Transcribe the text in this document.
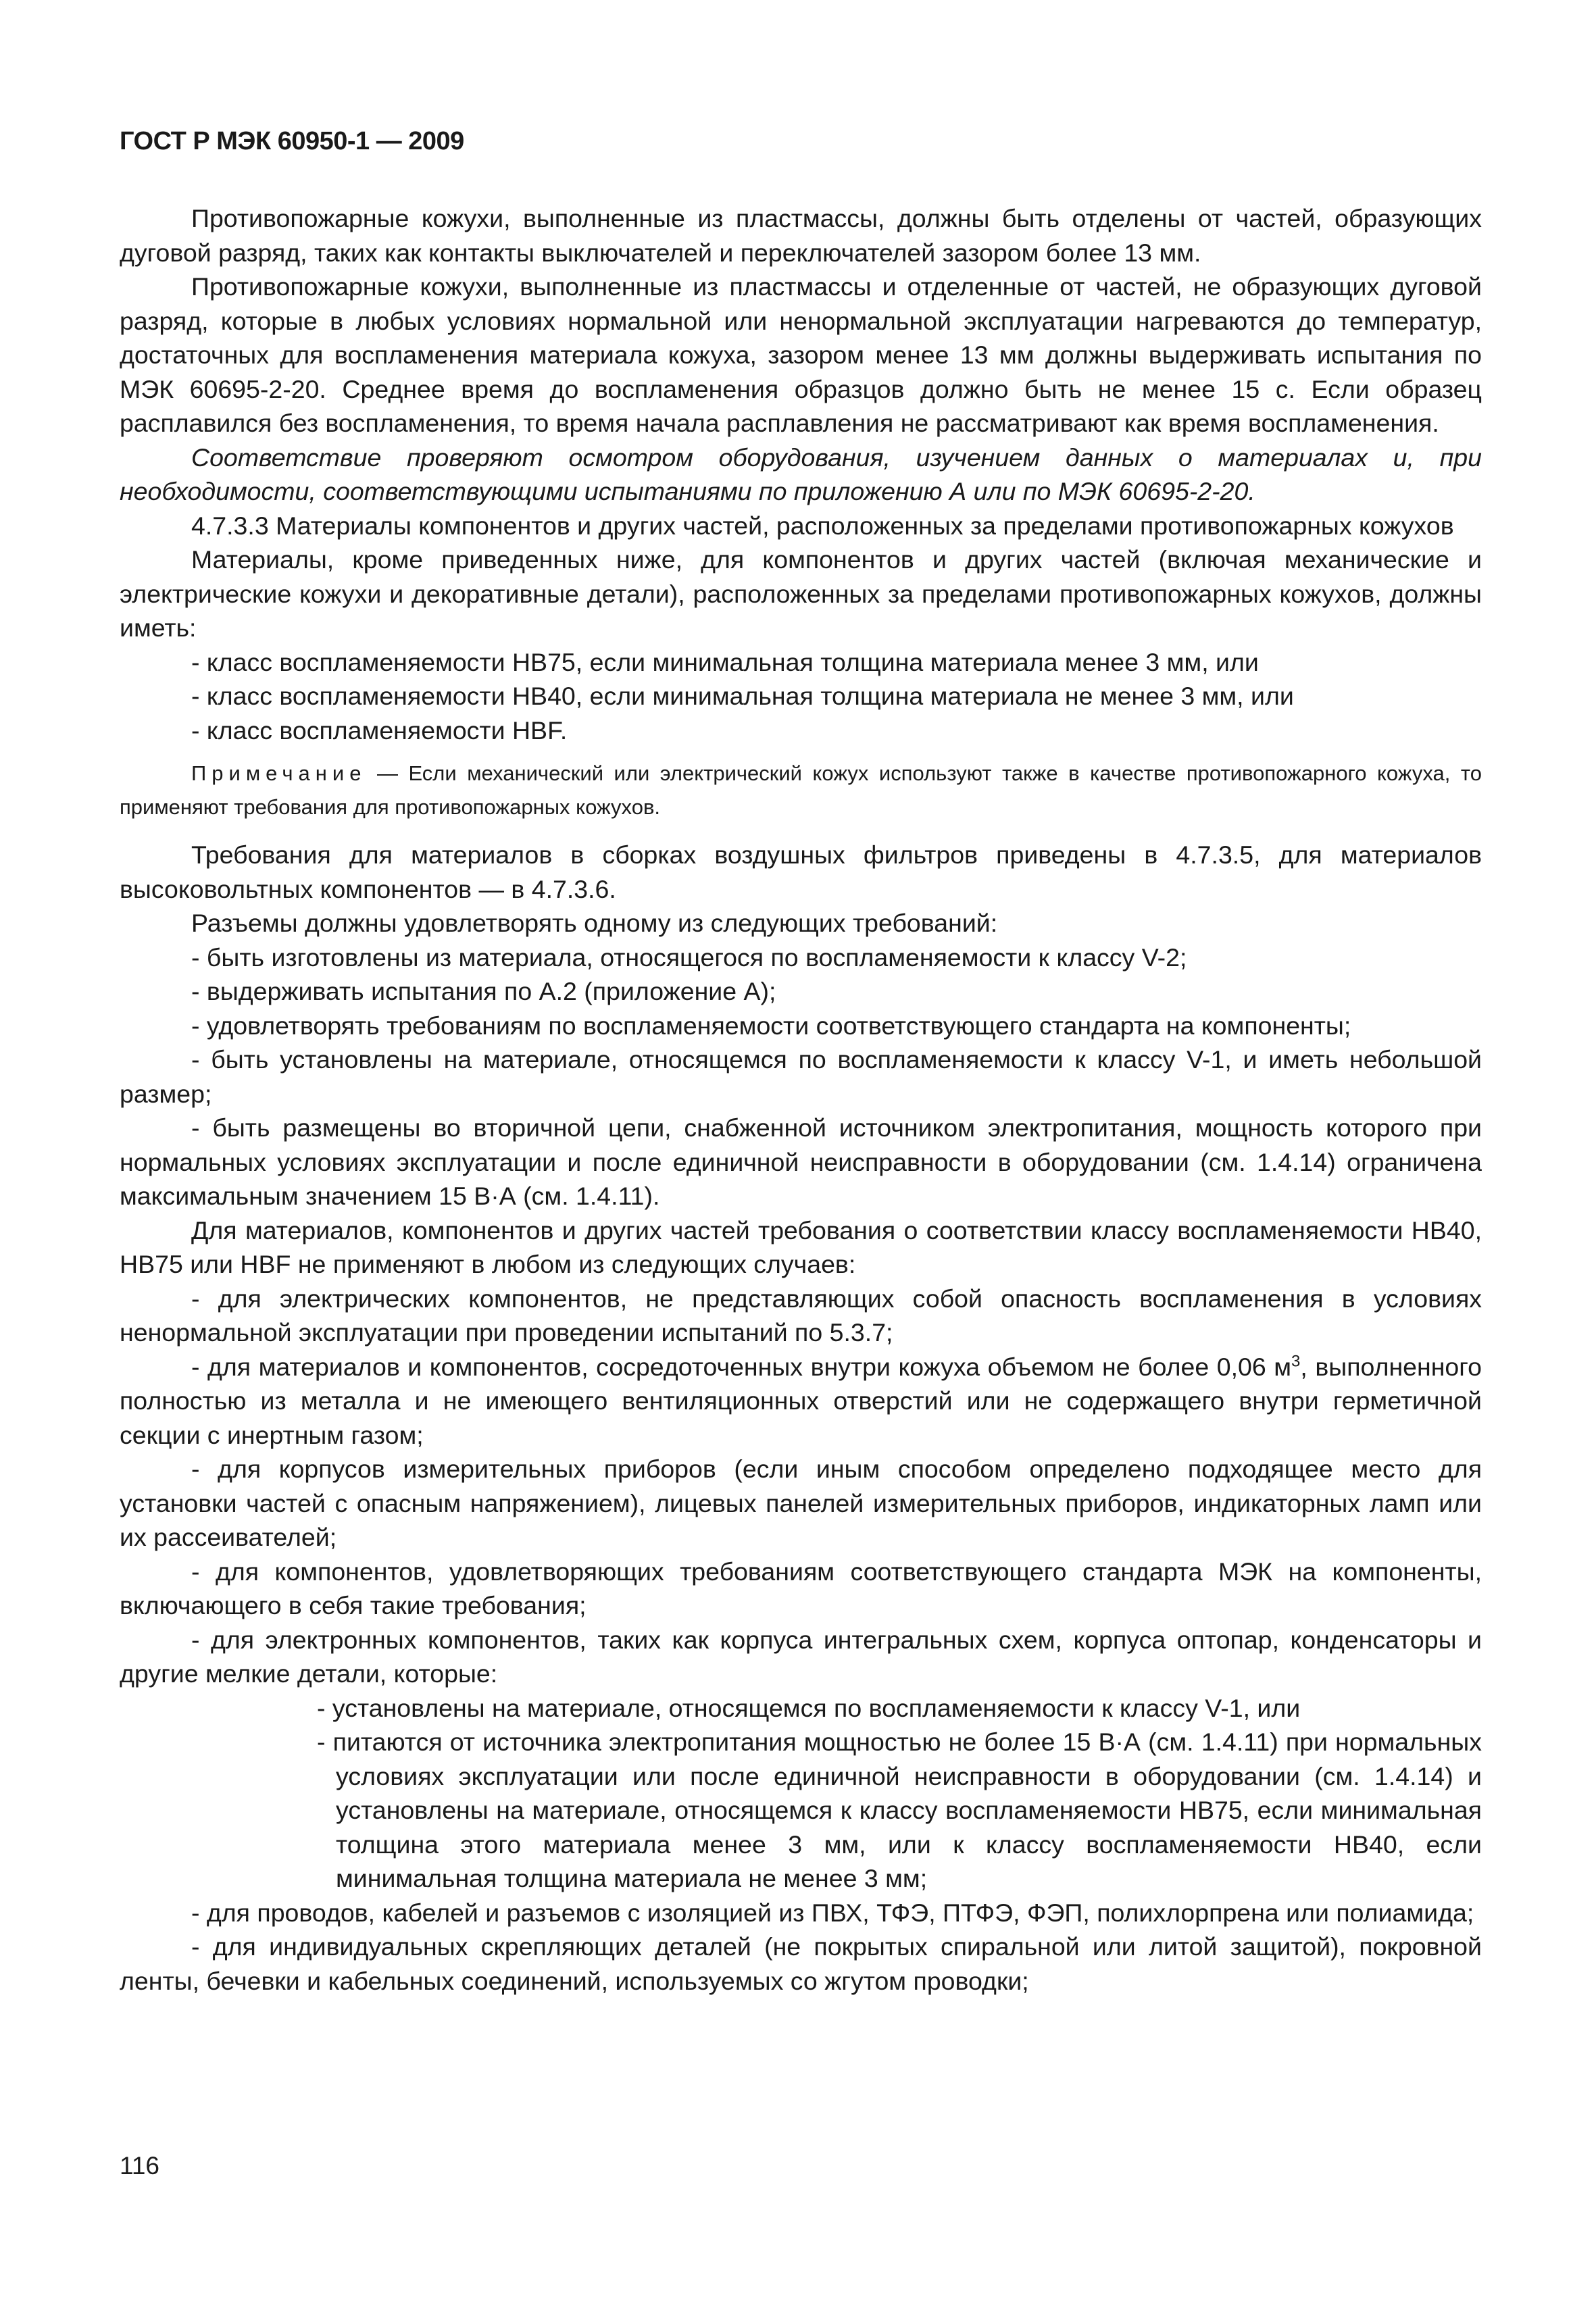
ГОСТ Р МЭК 60950-1 — 2009

Противопожарные кожухи, выполненные из пластмассы, должны быть отделены от частей, образующих дуговой разряд, таких как контакты выключателей и переключателей зазором более 13 мм.

Противопожарные кожухи, выполненные из пластмассы и отделенные от частей, не образующих дуговой разряд, которые в любых условиях нормальной или ненормальной эксплуатации нагреваются до температур, достаточных для воспламенения материала кожуха, зазором менее 13 мм должны выдерживать испытания по МЭК 60695-2-20. Среднее время до воспламенения образцов должно быть не менее 15 с. Если образец расплавился без воспламенения, то время начала расплавления не рассматривают как время воспламенения.

Соответствие проверяют осмотром оборудования, изучением данных о материалах и, при необходимости, соответствующими испытаниями по приложению А или по МЭК 60695-2-20.

4.7.3.3 Материалы компонентов и других частей, расположенных за пределами противопожарных кожухов

Материалы, кроме приведенных ниже, для компонентов и других частей (включая механические и электрические кожухи и декоративные детали), расположенных за пределами противопожарных кожухов, должны иметь:

- класс воспламеняемости НВ75, если минимальная толщина материала менее 3 мм, или

- класс воспламеняемости НВ40, если минимальная толщина материала не менее 3 мм, или

- класс воспламеняемости НВF.

Примечание — Если механический или электрический кожух используют также в качестве противопожарного кожуха, то применяют требования для противопожарных кожухов.

Требования для материалов в сборках воздушных фильтров приведены в 4.7.3.5, для материалов высоковольтных компонентов — в 4.7.3.6.

Разъемы должны удовлетворять одному из следующих требований:

- быть изготовлены из материала, относящегося по воспламеняемости к классу V-2;

- выдерживать испытания по А.2 (приложение А);

- удовлетворять требованиям по воспламеняемости соответствующего стандарта на компоненты;

- быть установлены на материале, относящемся по воспламеняемости к классу V-1, и иметь небольшой размер;

- быть размещены во вторичной цепи, снабженной источником электропитания, мощность которого при нормальных условиях эксплуатации и после единичной неисправности в оборудовании (см. 1.4.14) ограничена максимальным значением 15 В·А (см. 1.4.11).

Для материалов, компонентов и других частей требования о соответствии классу воспламеняемости НВ40, НВ75 или НВF не применяют в любом из следующих случаев:

- для электрических компонентов, не представляющих собой опасность воспламенения в условиях ненормальной эксплуатации при проведении испытаний по 5.3.7;

- для материалов и компонентов, сосредоточенных внутри кожуха объемом не более 0,06 $м^3$, выполненного полностью из металла и не имеющего вентиляционных отверстий или не содержащего внутри герметичной секции с инертным газом;

- для корпусов измерительных приборов (если иным способом определено подходящее место для установки частей с опасным напряжением), лицевых панелей измерительных приборов, индикаторных ламп или их рассеивателей;

- для компонентов, удовлетворяющих требованиям соответствующего стандарта МЭК на компоненты, включающего в себя такие требования;

- для электронных компонентов, таких как корпуса интегральных схем, корпуса оптопар, конденсаторы и другие мелкие детали, которые:

- установлены на материале, относящемся по воспламеняемости к классу V-1, или

- питаются от источника электропитания мощностью не более 15 В·А (см. 1.4.11) при нормальных условиях эксплуатации или после единичной неисправности в оборудовании (см. 1.4.14) и установлены на материале, относящемся к классу воспламеняемости НВ75, если минимальная толщина этого материала менее 3 мм, или к классу воспламеняемости НВ40, если минимальная толщина материала не менее 3 мм;

- для проводов, кабелей и разъемов с изоляцией из ПВХ, ТФЭ, ПТФЭ, ФЭП, полихлорпрена или полиамида;

- для индивидуальных скрепляющих деталей (не покрытых спиральной или литой защитой), покровной ленты, бечевки и кабельных соединений, используемых со жгутом проводки;

116
